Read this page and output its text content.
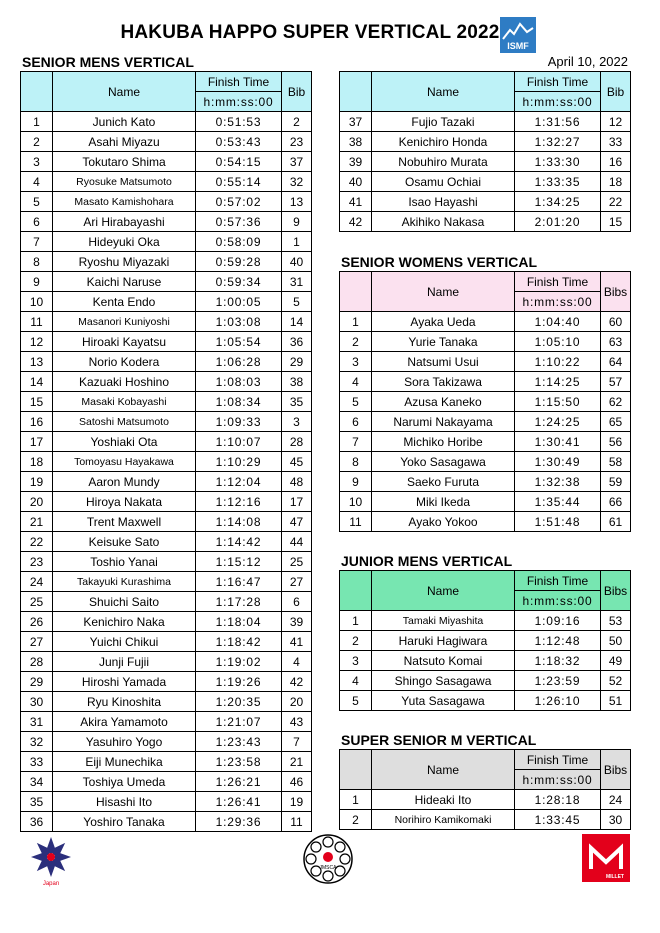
HAKUBA HAPPO SUPER VERTICAL 2022
ISMF
SENIOR MENS VERTICAL	April 10, 2022
	Name	Finish Time	Bib
		h:mm:ss:00	
1	Junich Kato	0:51:53	2
2	Asahi Miyazu	0:53:43	23
3	Tokutaro Shima	0:54:15	37
4	Ryosuke Matsumoto	0:55:14	32
5	Masato Kamishohara	0:57:02	13
6	Ari Hirabayashi	0:57:36	9
7	Hideyuki Oka	0:58:09	1
8	Ryoshu Miyazaki	0:59:28	40
9	Kaichi Naruse	0:59:34	31
10	Kenta Endo	1:00:05	5
11	Masanori Kuniyoshi	1:03:08	14
12	Hiroaki Kayatsu	1:05:54	36
13	Norio Kodera	1:06:28	29
14	Kazuaki Hoshino	1:08:03	38
15	Masaki Kobayashi	1:08:34	35
16	Satoshi Matsumoto	1:09:33	3
17	Yoshiaki Ota	1:10:07	28
18	Tomoyasu Hayakawa	1:10:29	45
19	Aaron Mundy	1:12:04	48
20	Hiroya Nakata	1:12:16	17
21	Trent Maxwell	1:14:08	47
22	Keisuke Sato	1:14:42	44
23	Toshio Yanai	1:15:12	25
24	Takayuki Kurashima	1:16:47	27
25	Shuichi Saito	1:17:28	6
26	Kenichiro Naka	1:18:04	39
27	Yuichi Chikui	1:18:42	41
28	Junji Fujii	1:19:02	4
29	Hiroshi Yamada	1:19:26	42
30	Ryu Kinoshita	1:20:35	20
31	Akira Yamamoto	1:21:07	43
32	Yasuhiro Yogo	1:23:43	7
33	Eiji Munechika	1:23:58	21
34	Toshiya Umeda	1:26:21	46
35	Hisashi Ito	1:26:41	19
36	Yoshiro Tanaka	1:29:36	11
	Name	Finish Time	Bib
		h:mm:ss:00	
37	Fujio Tazaki	1:31:56	12
38	Kenichiro Honda	1:32:27	33
39	Nobuhiro Murata	1:33:30	16
40	Osamu Ochiai	1:33:35	18
41	Isao Hayashi	1:34:25	22
42	Akihiko Nakasa	2:01:20	15
SENIOR WOMENS VERTICAL
	Name	Finish Time	Bibs
		h:mm:ss:00	
1	Ayaka Ueda	1:04:40	60
2	Yurie Tanaka	1:05:10	63
3	Natsumi Usui	1:10:22	64
4	Sora Takizawa	1:14:25	57
5	Azusa Kaneko	1:15:50	62
6	Narumi Nakayama	1:24:25	65
7	Michiko Horibe	1:30:41	56
8	Yoko Sasagawa	1:30:49	58
9	Saeko Furuta	1:32:38	59
10	Miki Ikeda	1:35:44	66
11	Ayako Yokoo	1:51:48	61
JUNIOR MENS VERTICAL
	Name	Finish Time	Bibs
		h:mm:ss:00	
1	Tamaki Miyashita	1:09:16	53
2	Haruki Hagiwara	1:12:48	50
3	Natsuto Komai	1:18:32	49
4	Shingo Sasagawa	1:23:59	52
5	Yuta Sasagawa	1:26:10	51
SUPER SENIOR M VERTICAL
	Name	Finish Time	Bibs
		h:mm:ss:00	
1	Hideaki Ito	1:28:18	24
2	Norihiro Kamikomaki	1:33:45	30
Japan
JMSCA
MILLET
